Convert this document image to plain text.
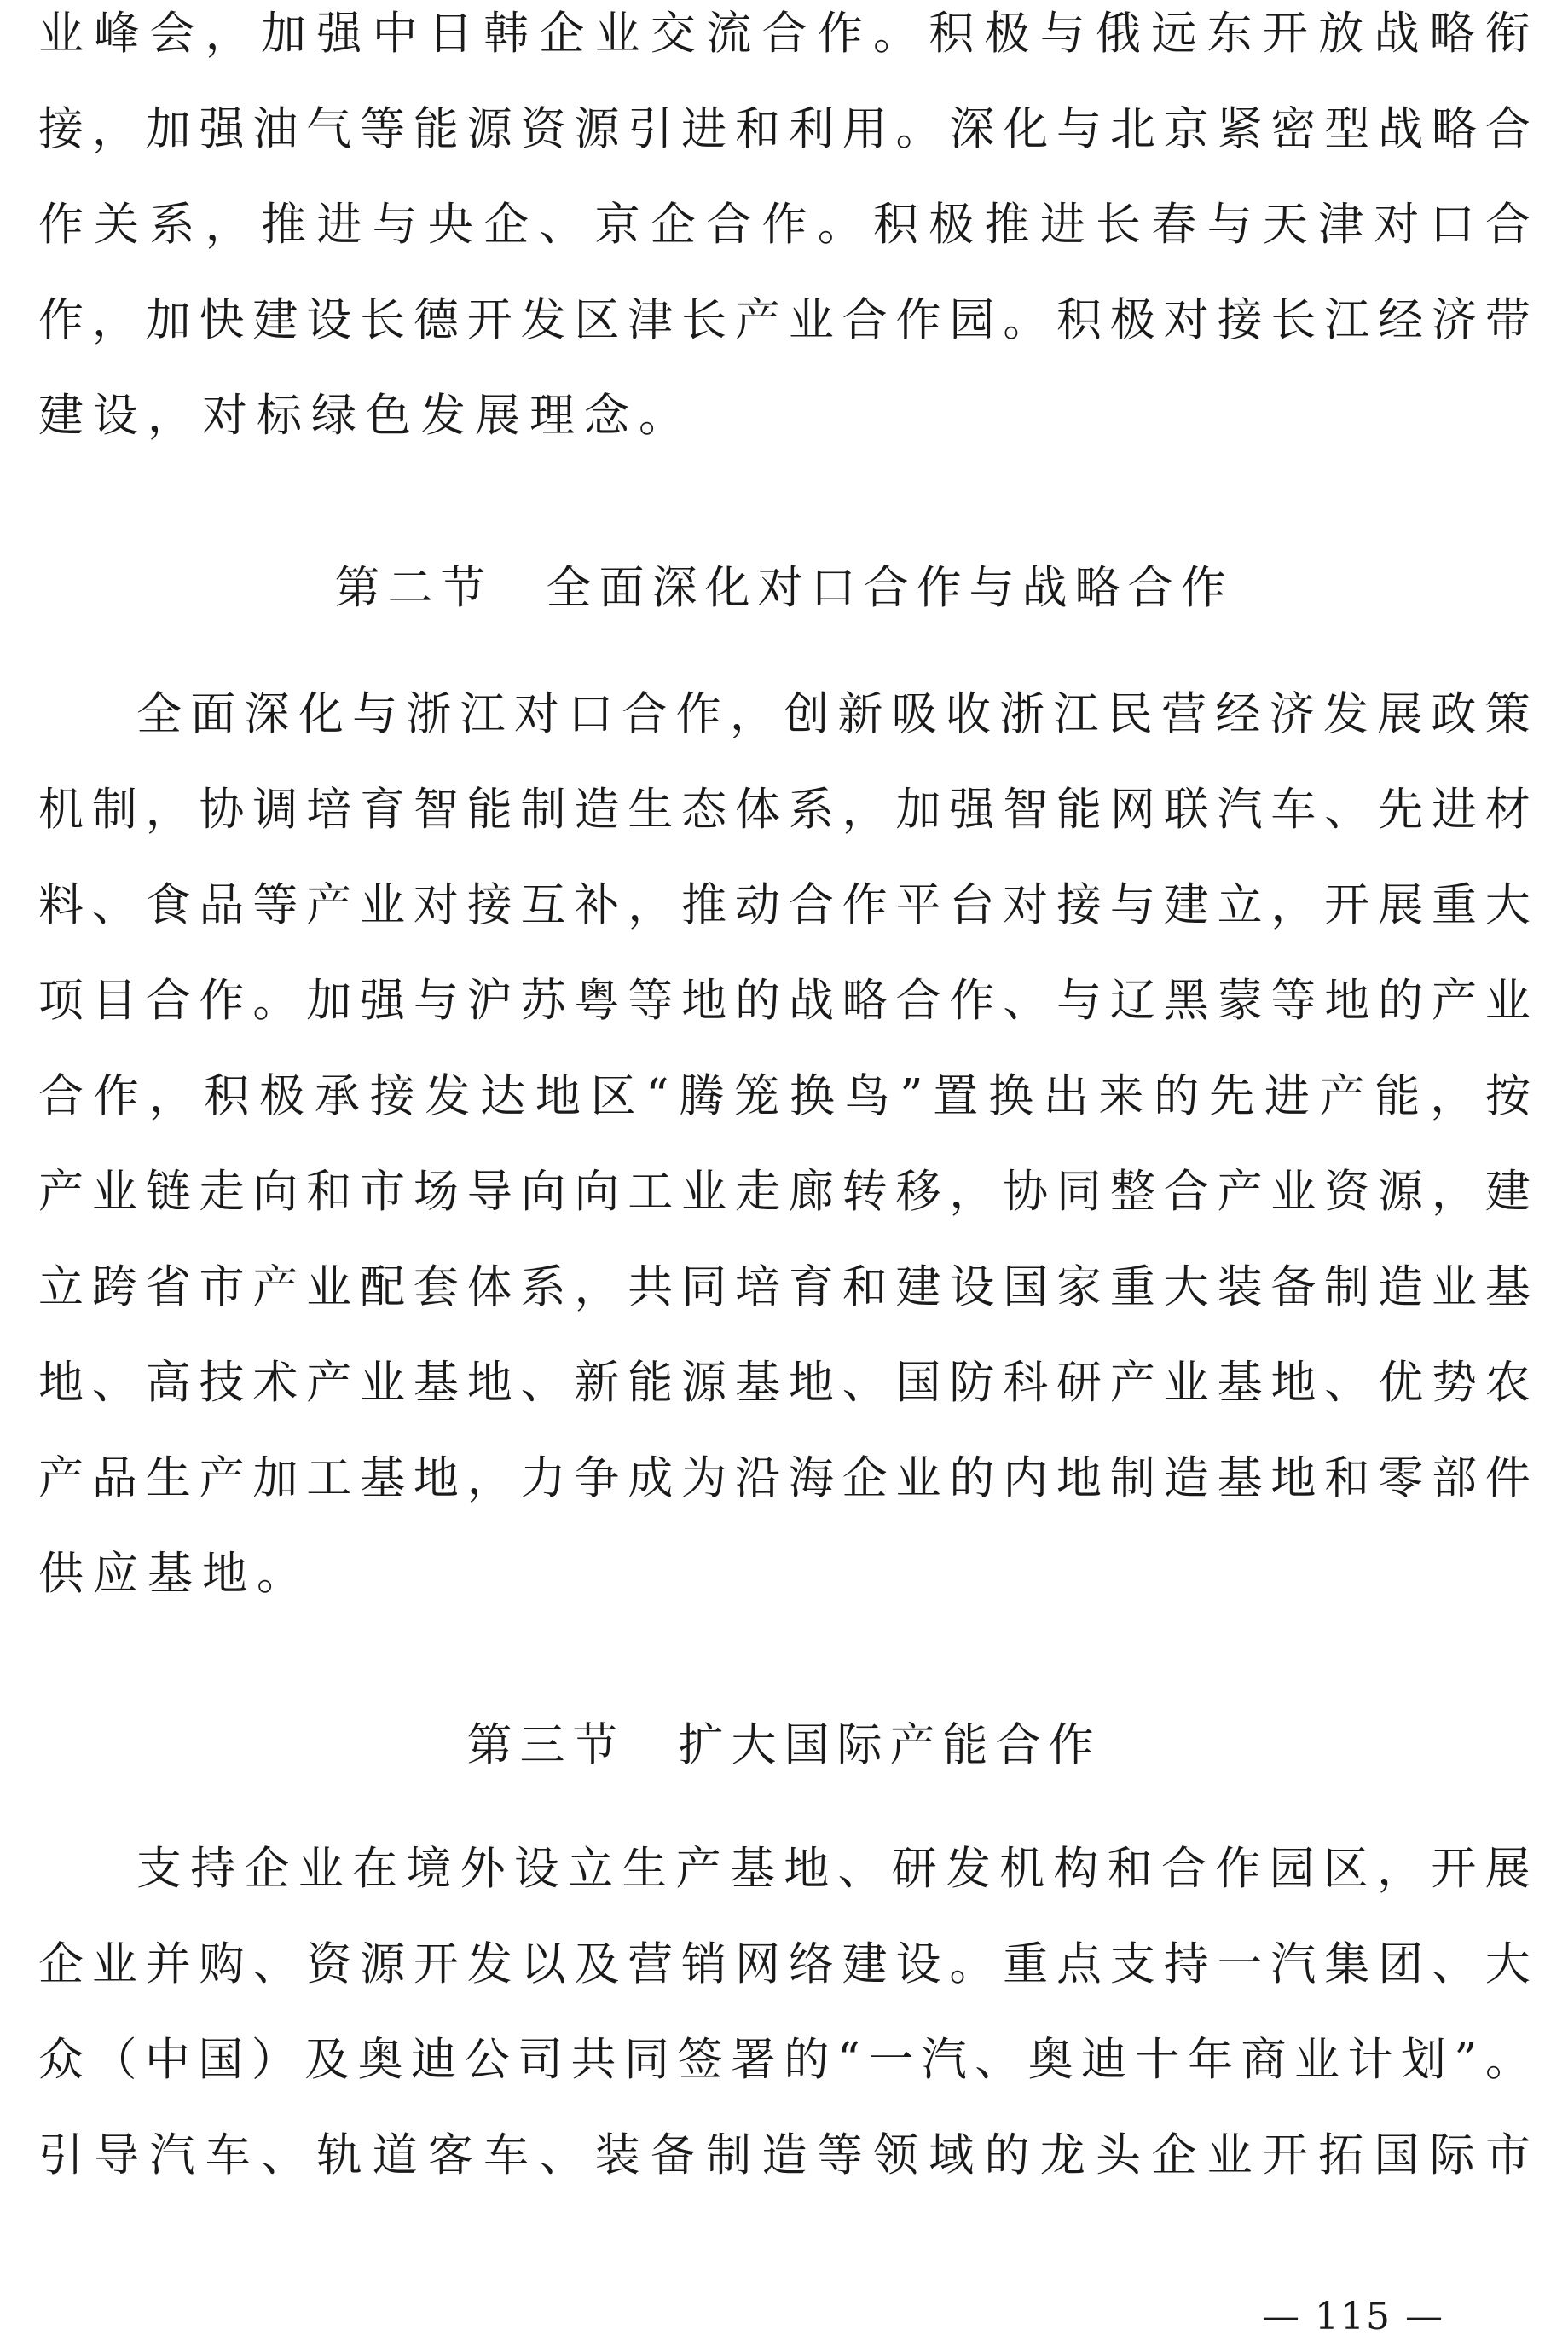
业 峰 会 ， 加 强 中 日 韩 企 业 交 流 合 作 。 积 极 与 俄 远 东 开 放 战 略 衔
接 ， 加 强 油 气 等 能 源 资 源 引 进 和 利 用 。 深 化 与 北 京 紧 密 型 战 略 合
作 关 系 ， 推 进 与 央 企 、 京 企 合 作 。 积 极 推 进 长 春 与 天 津 对 口 合
作 ， 加 快 建 设 长 德 开 发 区 津 长 产 业 合 作 园 。 积 极 对 接 长 江 经 济 带
建设，对标绿色发展理念。
第二节　全面深化对口合作与战略合作
全 面 深 化 与 浙 江 对 口 合 作 ， 创 新 吸 收 浙 江 民 营 经 济 发 展 政 策
机 制 ， 协 调 培 育 智 能 制 造 生 态 体 系 ， 加 强 智 能 网 联 汽 车 、 先 进 材
料 、 食 品 等 产 业 对 接 互 补 ， 推 动 合 作 平 台 对 接 与 建 立 ， 开 展 重 大
项 目 合 作 。 加 强 与 沪 苏 粤 等 地 的 战 略 合 作 、 与 辽 黑 蒙 等 地 的 产 业
合 作 ， 积 极 承 接 发 达 地 区 “ 腾 笼 换 鸟 ” 置 换 出 来 的 先 进 产 能 ， 按
产 业 链 走 向 和 市 场 导 向 向 工 业 走 廊 转 移 ， 协 同 整 合 产 业 资 源 ， 建
立 跨 省 市 产 业 配 套 体 系 ， 共 同 培 育 和 建 设 国 家 重 大 装 备 制 造 业 基
地 、 高 技 术 产 业 基 地 、 新 能 源 基 地 、 国 防 科 研 产 业 基 地 、 优 势 农
产 品 生 产 加 工 基 地 ， 力 争 成 为 沿 海 企 业 的 内 地 制 造 基 地 和 零 部 件
供应基地。
第三节　扩大国际产能合作
支 持 企 业 在 境 外 设 立 生 产 基 地 、 研 发 机 构 和 合 作 园 区 ， 开 展
企 业 并 购 、 资 源 开 发 以 及 营 销 网 络 建 设 。 重 点 支 持 一 汽 集 团 、 大
众 （ 中 国 ） 及 奥 迪 公 司 共 同 签 署 的 “ 一 汽 、 奥 迪 十 年 商 业 计 划 ” 。
引 导 汽 车 、 轨 道 客 车 、 装 备 制 造 等 领 域 的 龙 头 企 业 开 拓 国 际 市
— 115 —
